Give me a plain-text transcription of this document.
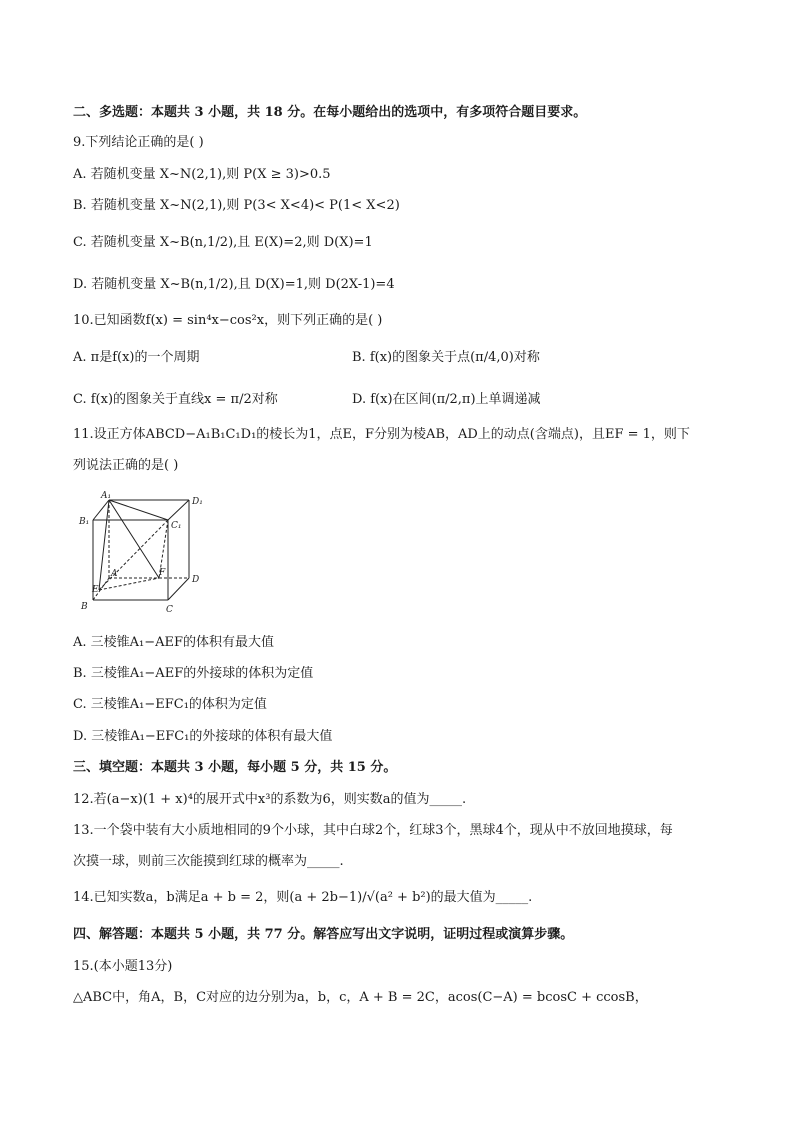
二、多选题：本题共 3 小题，共 18 分。在每小题给出的选项中，有多项符合题目要求。
9.下列结论正确的是( )
A. 若随机变量 X~N(2,1),则 P(X ≥ 3)>0.5
B. 若随机变量 X~N(2,1),则 P(3< X<4)< P(1< X<2)
C. 若随机变量 X~B(n,1/2),且 E(X)=2,则 D(X)=1
D. 若随机变量 X~B(n,1/2),且 D(X)=1,则 D(2X-1)=4
10.已知函数f(x) = sin⁴x−cos²x，则下列正确的是( )
A. π是f(x)的一个周期	B. f(x)的图象关于点(π/4,0)对称
C. f(x)的图象关于直线x = π/2对称	D. f(x)在区间(π/2,π)上单调递减
11.设正方体ABCD−A₁B₁C₁D₁的棱长为1，点E，F分别为棱AB，AD上的动点(含端点)，且EF = 1，则下
列说法正确的是( )
A₁
D₁
B₁	C₁
A	F
E
D
B	C
A. 三棱锥A₁−AEF的体积有最大值
B. 三棱锥A₁−AEF的外接球的体积为定值
C. 三棱锥A₁−EFC₁的体积为定值
D. 三棱锥A₁−EFC₁的外接球的体积有最大值
三、填空题：本题共 3 小题，每小题 5 分，共 15 分。
12.若(a−x)(1 + x)⁴的展开式中x³的系数为6，则实数a的值为_____.
13.一个袋中装有大小质地相同的9个小球，其中白球2个，红球3个，黑球4个，现从中不放回地摸球，每
次摸一球，则前三次能摸到红球的概率为_____.
14.已知实数a，b满足a + b = 2，则(a + 2b−1)/√(a² + b²)的最大值为_____.
四、解答题：本题共 5 小题，共 77 分。解答应写出文字说明，证明过程或演算步骤。
15.(本小题13分)
△ABC中，角A，B，C对应的边分别为a，b，c，A + B = 2C，acos(C−A) = bcosC + ccosB，
